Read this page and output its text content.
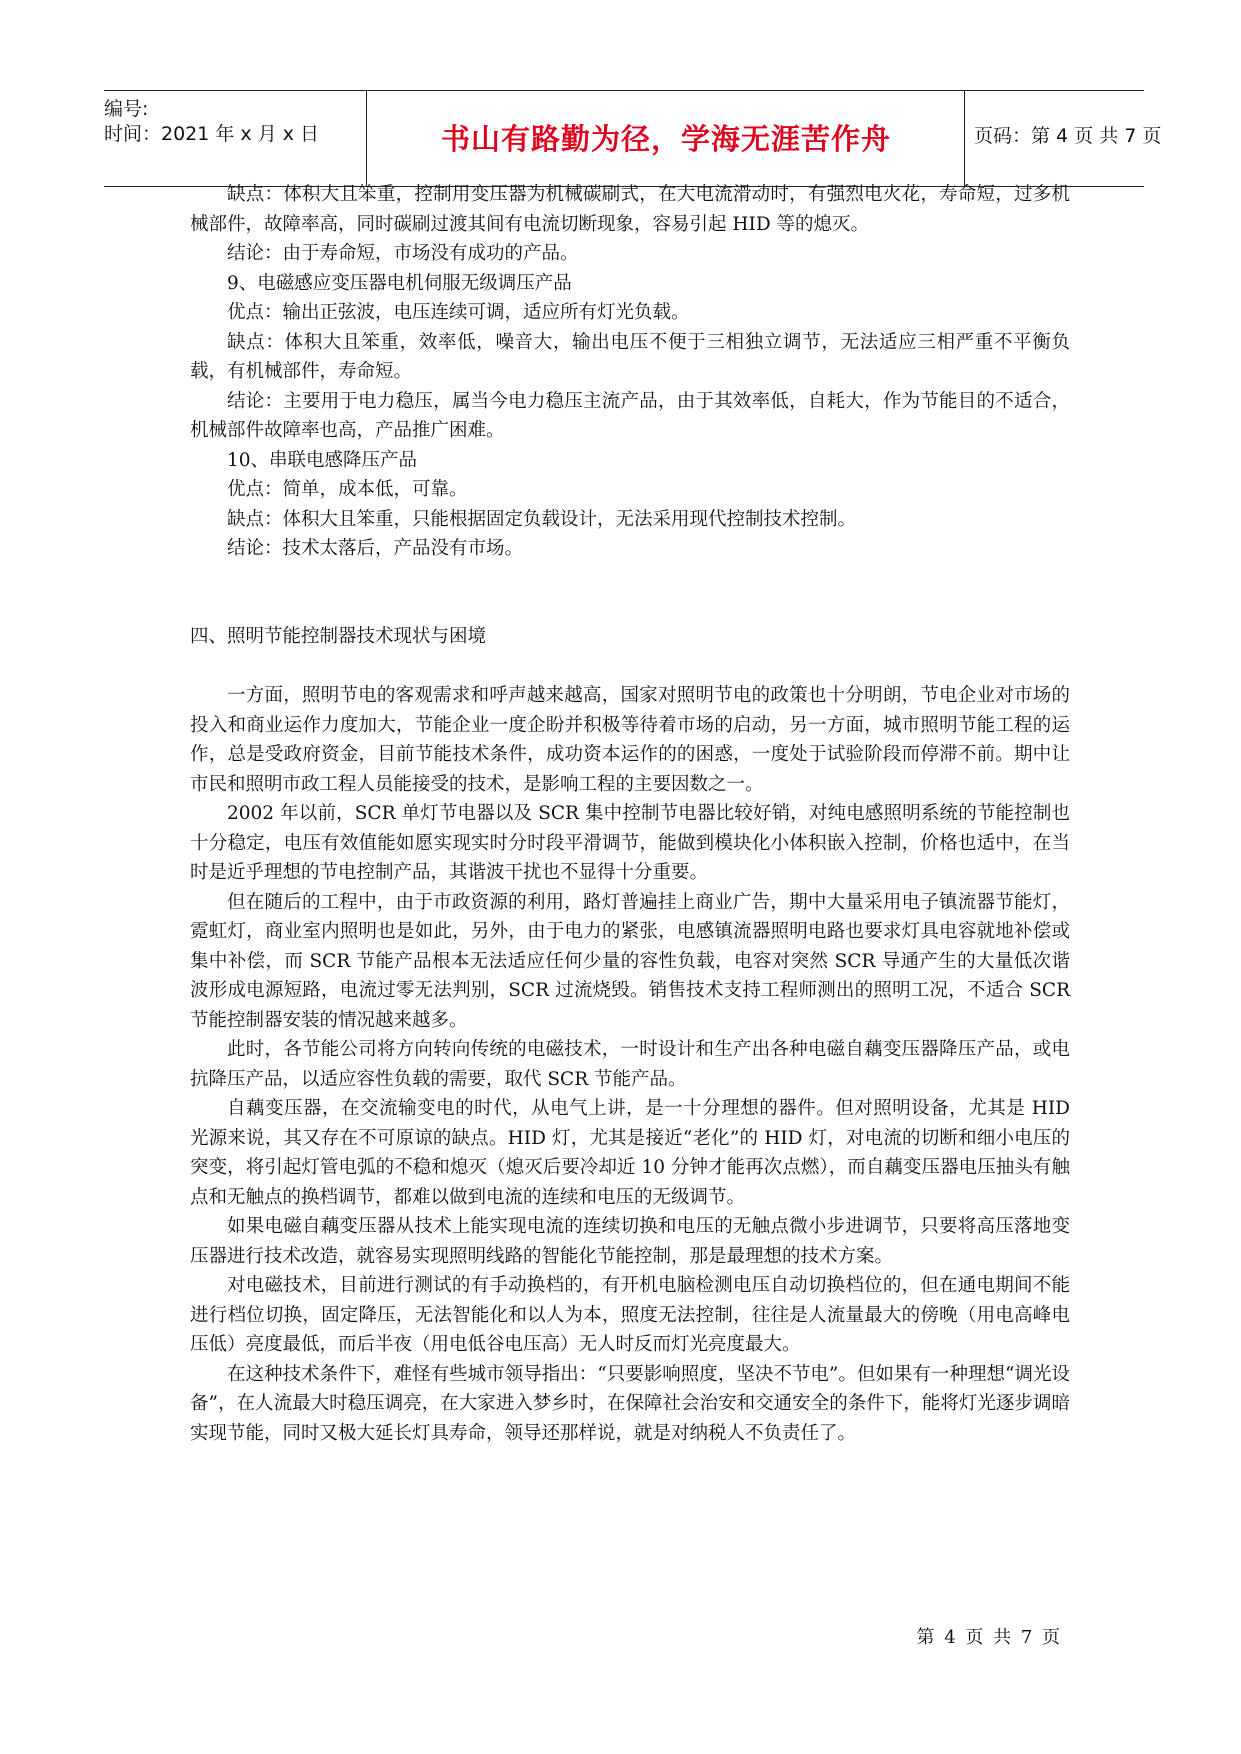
编号:
时间：2021 年 x 月 x 日	书山有路勤为径，学海无涯苦作舟	页码：第 4 页 共 7 页

缺点：体积大且笨重，控制用变压器为机械碳刷式，在大电流滑动时，有强烈电火花，寿命短，过多机械部件，故障率高，同时碳刷过渡其间有电流切断现象，容易引起 HID 等的熄灭。

结论：由于寿命短，市场没有成功的产品。

9、电磁感应变压器电机伺服无级调压产品

优点：输出正弦波，电压连续可调，适应所有灯光负载。

缺点：体积大且笨重，效率低，噪音大，输出电压不便于三相独立调节，无法适应三相严重不平衡负载，有机械部件，寿命短。

结论：主要用于电力稳压，属当今电力稳压主流产品，由于其效率低，自耗大，作为节能目的不适合，机械部件故障率也高，产品推广困难。

10、串联电感降压产品

优点：简单，成本低，可靠。

缺点：体积大且笨重，只能根据固定负载设计，无法采用现代控制技术控制。

结论：技术太落后，产品没有市场。

四、照明节能控制器技术现状与困境

一方面，照明节电的客观需求和呼声越来越高，国家对照明节电的政策也十分明朗，节电企业对市场的投入和商业运作力度加大，节能企业一度企盼并积极等待着市场的启动，另一方面，城市照明节能工程的运作，总是受政府资金，目前节能技术条件，成功资本运作的的困惑，一度处于试验阶段而停滞不前。期中让市民和照明市政工程人员能接受的技术，是影响工程的主要因数之一。

2002 年以前，SCR 单灯节电器以及 SCR 集中控制节电器比较好销，对纯电感照明系统的节能控制也十分稳定，电压有效值能如愿实现实时分时段平滑调节，能做到模块化小体积嵌入控制，价格也适中，在当时是近乎理想的节电控制产品，其谐波干扰也不显得十分重要。

但在随后的工程中，由于市政资源的利用，路灯普遍挂上商业广告，期中大量采用电子镇流器节能灯，霓虹灯，商业室内照明也是如此，另外，由于电力的紧张，电感镇流器照明电路也要求灯具电容就地补偿或集中补偿，而 SCR 节能产品根本无法适应任何少量的容性负载，电容对突然 SCR 导通产生的大量低次谐波形成电源短路，电流过零无法判别，SCR 过流烧毁。销售技术支持工程师测出的照明工况，不适合 SCR 节能控制器安装的情况越来越多。

此时，各节能公司将方向转向传统的电磁技术，一时设计和生产出各种电磁自藕变压器降压产品，或电抗降压产品，以适应容性负载的需要，取代 SCR 节能产品。

自藕变压器，在交流输变电的时代，从电气上讲，是一十分理想的器件。但对照明设备，尤其是 HID 光源来说，其又存在不可原谅的缺点。HID 灯，尤其是接近“老化”的 HID 灯，对电流的切断和细小电压的突变，将引起灯管电弧的不稳和熄灭（熄灭后要冷却近 10 分钟才能再次点燃），而自藕变压器电压抽头有触点和无触点的换档调节，都难以做到电流的连续和电压的无级调节。

如果电磁自藕变压器从技术上能实现电流的连续切换和电压的无触点微小步进调节，只要将高压落地变压器进行技术改造，就容易实现照明线路的智能化节能控制，那是最理想的技术方案。

对电磁技术，目前进行测试的有手动换档的，有开机电脑检测电压自动切换档位的，但在通电期间不能进行档位切换，固定降压，无法智能化和以人为本，照度无法控制，往往是人流量最大的傍晚（用电高峰电压低）亮度最低，而后半夜（用电低谷电压高）无人时反而灯光亮度最大。

在这种技术条件下，难怪有些城市领导指出：“只要影响照度，坚决不节电”。但如果有一种理想“调光设备”，在人流最大时稳压调亮，在大家进入梦乡时，在保障社会治安和交通安全的条件下，能将灯光逐步调暗实现节能，同时又极大延长灯具寿命，领导还那样说，就是对纳税人不负责任了。

第 4 页 共 7 页
